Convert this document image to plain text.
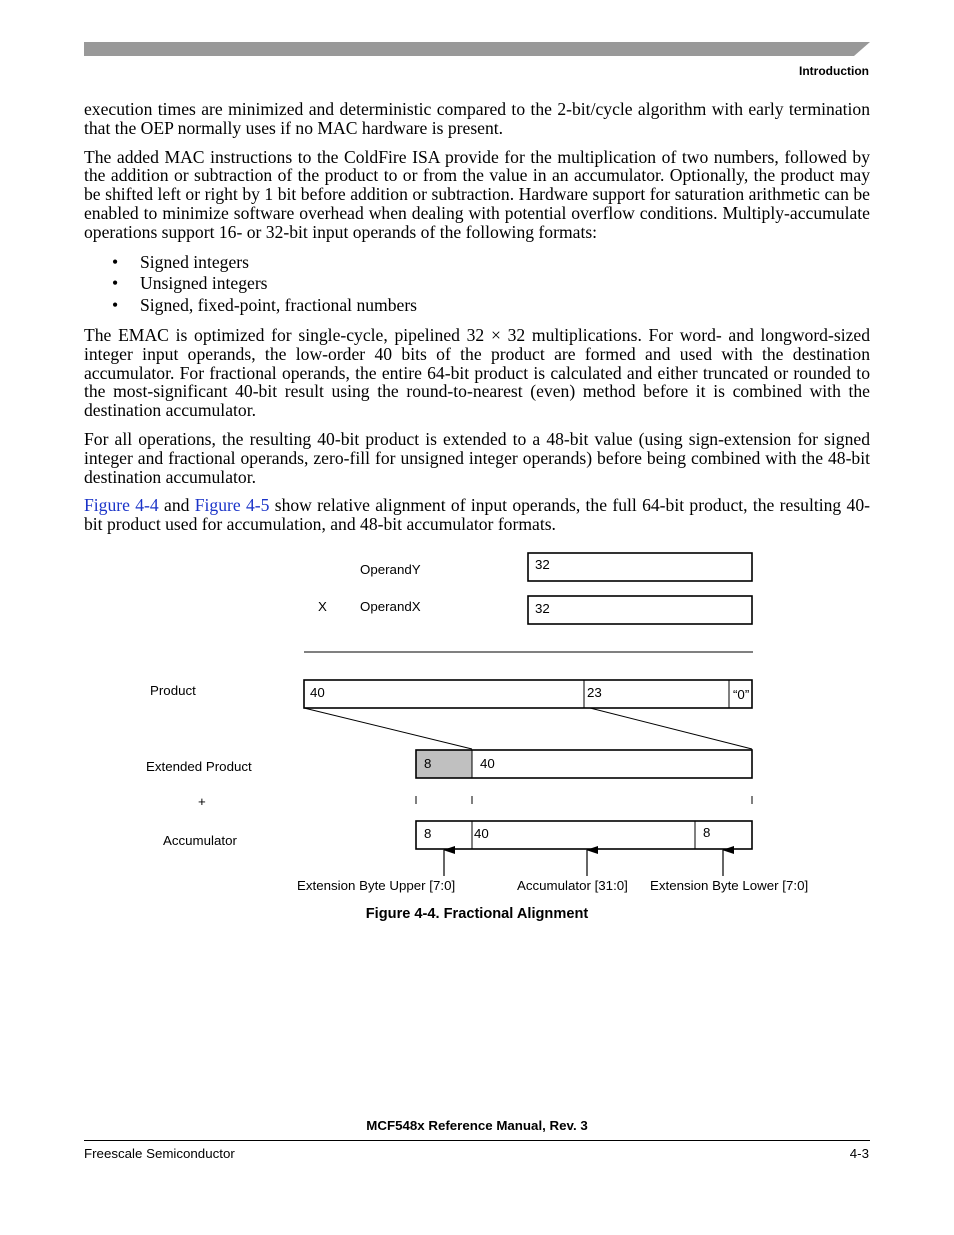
Introduction

execution times are minimized and deterministic compared to the 2-bit/cycle algorithm with early termination that the OEP normally uses if no MAC hardware is present.

The added MAC instructions to the ColdFire ISA provide for the multiplication of two numbers, followed by the addition or subtraction of the product to or from the value in an accumulator. Optionally, the product may be shifted left or right by 1 bit before addition or subtraction. Hardware support for saturation arithmetic can be enabled to minimize software overhead when dealing with potential overflow conditions. Multiply-accumulate operations support 16- or 32-bit input operands of the following formats:

• Signed integers
• Unsigned integers
• Signed, fixed-point, fractional numbers

The EMAC is optimized for single-cycle, pipelined 32 × 32 multiplications. For word- and longword-sized integer input operands, the low-order 40 bits of the product are formed and used with the destination accumulator. For fractional operands, the entire 64-bit product is calculated and either truncated or rounded to the most-significant 40-bit result using the round-to-nearest (even) method before it is combined with the destination accumulator.

For all operations, the resulting 40-bit product is extended to a 48-bit value (using sign-extension for signed integer and fractional operands, zero-fill for unsigned integer operands) before being combined with the 48-bit destination accumulator.

Figure 4-4 and Figure 4-5 show relative alignment of input operands, the full 64-bit product, the resulting 40-bit product used for accumulation, and 48-bit accumulator formats.

OperandY	32
X OperandX	32
Product	40	23	“0”
Extended Product	8	40
+
Accumulator	8	40	8
Extension Byte Upper [7:0]	Accumulator [31:0] Extension Byte Lower [7:0]
Figure 4-4. Fractional Alignment
MCF548x Reference Manual, Rev. 3
Freescale Semiconductor	4-3
